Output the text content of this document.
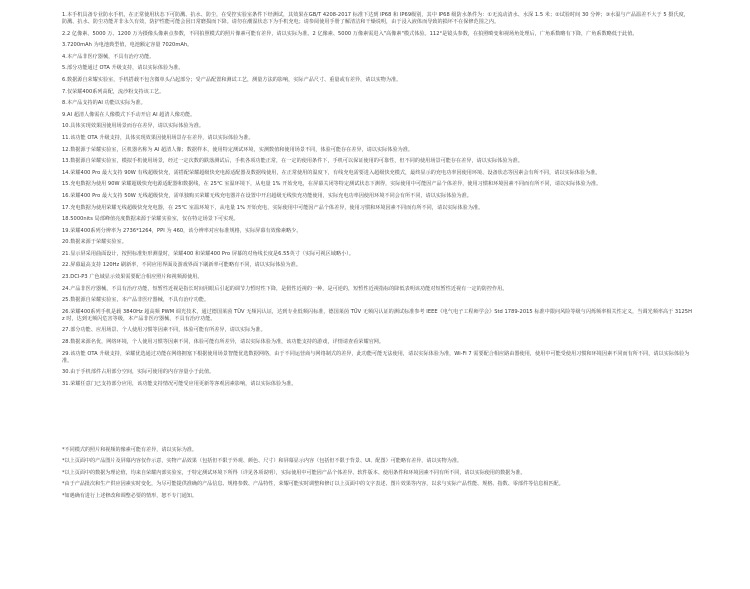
1.本手机具备专业防水手机，在正常使用状态下可防溅、抗水、防尘，在受控实验室条件下经测试，其效果在GB/T 4208-2017 标准下达到 IP68 和 IP69级别，其中 IP68 级防水条件为：①无流动清水、水深 1.5 米；②试验时间 30 分钟；③水温与产品温差不大于 5 摄氏度，防溅、抗水、防尘功能并非永久有效，防护性能可能会因日常磨损而下降。请勿在潮湿状态下为手机充电；请参阅使用手册了解清洁和干燥说明，由于浸入液体而导致的损坏不在保修范围之内。

2.2 亿像素、5000 万、1200 万为摄像头像素点参数，不同拍照模式的照片像素可能有差异，请以实际为准。2 亿像素、5000 万像素需进入"高像素"模式体验。112°是镜头参数，在拍照畸变和视场角处理后，广角系数略有下降，广角系数略低于此值。

3.7200mAh 为电池典型值，电池额定容量 7020mAh。

4.本产品非医疗器械，不具有治疗功能。

5.部分功能通过 OTA 升级支持，请以实际体验为准。

6.数据源自荣耀实验室，手机搭载不包含微单头凸起部分；受产品配置和测试工艺，测量方法的影响，实际产品尺寸、重量或有差异，请以实物为准。

7.仅荣耀400系列高配，流沙粉支持该工艺。

8.本产品支持的AI 功能以实际为准。

9.AI 超清人像需在人像模式下手动开启 AI 超清人像功能。

10.具体实现效果因使用场景而存在差异，请以实际体验为准。

11.该功能 OTA 升级支持，具体实现效果因使用场景存在差异，请以实际体验为准。

12.数据源于荣耀实验室，区机器名称为 AI 超清人像；数据样本，使用特定测试环境，实测数值和使用场景不同，体验可能存在差异，请以实际体验为准。

13.数据源自荣耀实验室，模拟手机使用场景，经过一定次数的跌落测试后，手机各项功能正常，在一定的使用条件下，手机可以保证使用的可靠性，但不同的使用场景可能存在差异，请以实际体验为准。

14.荣耀400 Pro 最大支持 90W 有线超级快充，需搭配荣耀超级快充电源适配器及数据线使用，在正常使用的温度下，有线充电需要进入超级快充模式，最终显示的充电功率因使用环境、设备状态等因素会有所不同，请以实际体验为准。

15.充电数据为使用 90W 荣耀超级快充电源适配器和数据线，在 25℃ 室温环境下，从电量 1% 开始充电，在屏幕关闭等特定测试状态下测得，实际使用中可能因产品个体差异，使用习惯和环境因素不同而有所不同，请以实际体验为准。

16.荣耀400 Pro 最大支持 50W 无线超级快充，需单独购买荣耀无线充电器并在设置中开启超级无线快充功能使用，实际充电功率因使用环境不同会有所不同，请以实际体验为准。

17.充电数据为使用荣耀无线超级快充充电器，在 25℃ 室温环境下，从电量 1% 开始充电，实际使用中可能因产品个体差异，使用习惯和环境因素不同而有所不同，请以实际体验为准。

18.5000nits 局部峰值亮度数据来源于荣耀实验室，仅在特定场景下可实现。

19.荣耀400系列分辨率为 2736*1264，PPI 为 460，该分辨率对应标准规格，实际屏幕有效像素略少。

20.数据来源于荣耀实验室。

21.显示屏采用曲面设计，按照标准矩形测量时，荣耀400 和荣耀400 Pro 屏幕的对角线长度是6.55英寸（实际可视区域略小）。

22.屏幕最高支持 120Hz 刷新率，不同应用界面及游戏界面下刷新率可能略有不同，请以实际体验为准。

23.DCI-P3 广色域显示效果需要配合相应照片和视频源使用。

24.产品非医疗器械，不具有治疗功能，短暂性近视是指长时间用眼后引起的调节力暂时性下降，是假性近视的一种，是可逆的，短暂性近视指标的降低表明该功能对短暂性近视有一定的防控作用。

25.数据源自荣耀实验室，本产品非医疗器械，不具有治疗功能。

26.荣耀400系列手机是载 3840Hz 超高频 PWM 调光技术，通过德国莱茵 TÜV 无频闪认证，达到专业低频闪标准，德国莱茵 TÜV 无频闪认证的测试标准参考 IEEE《电气电子工程师学会》Std 1789-2015 标准中限问风险等级与闪烁频率相关性定义，当调光频率高于 3125Hz 时，达到无频闪危害等级，本产品非医疗器械，不具有治疗功能。

27.部分功能、应用场景、个人使用习惯等因素不同，体验可能有所差异，请以实际为准。

28.数据来源名优，网络环境，个人使用习惯等因素不同，体验可能有所差异，请以实际体验为准，该功能支持的游戏，详情请查看荣耀官网。

29.该功能 OTA 升级支持，荣耀优选通过功能在网络拥塞下根据使用场景智能优选数据网络，由于不同运营商与网络制式的差异，此功能可能无法使用，请以实际体验为准，Wi-Fi 7 需要配合相应路由器使用，使用中可能受使用习惯和环境因素不同而有所不同，请以实际体验为准。

30.由于手机部件占用部分空间，实际可使用的内存容量小于此值。

31.荣耀任意门已支持部分应用，该功能支持情况可能受应用更新等客观因素影响，请以实际体验为准。

*不同模式的照片和视频的像素可能有差异，请以实际为准。

*以上页面中的产品图片及屏幕内容仅作示意，实物产品效果（包括但不限于外观、颜色、尺寸）和屏幕显示内容（包括但不限于背景、UI、配图）可能略有差异，请以实物为准。

*以上页面中的数据为理论值，均来自荣耀内部实验室，于特定测试环境下所得（详见各项说明），实际使用中可能因产品个体差异、软件版本、使用条件和环境因素不同有所不同，请以实际使用的数据为准。

*由于产品批次和生产供应因素实时变化，为尽可能提供准确的产品信息、规格参数、产品特性，荣耀可能实时调整和修订以上页面中的文字表述、图片效果等内容，以求与实际产品性能、规格、指数、零部件等信息相匹配。

*如遇确有进行上述修改和调整必要的情形，恕不专门通知。
